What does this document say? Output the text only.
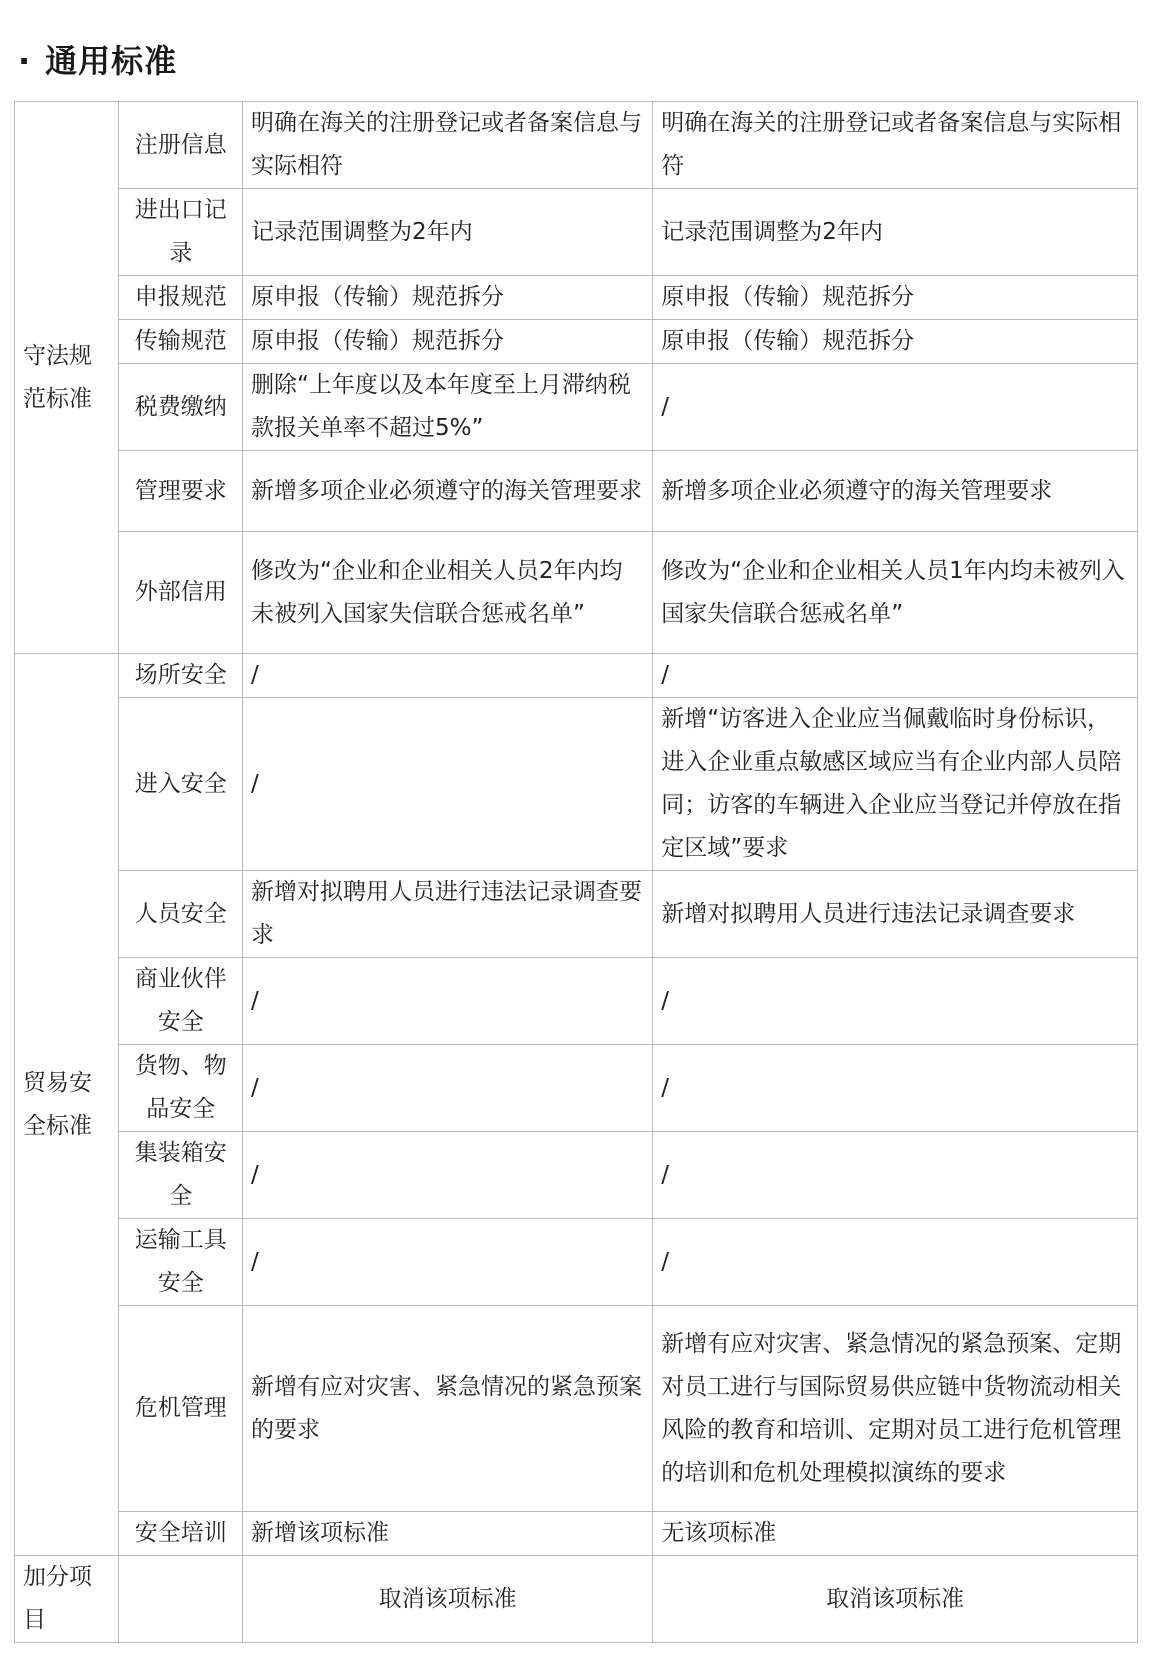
· 通用标准
守法规范标准	注册信息	明确在海关的注册登记或者备案信息与实际相符	明确在海关的注册登记或者备案信息与实际相符
	进出口记录	记录范围调整为2年内	记录范围调整为2年内
	申报规范	原申报（传输）规范拆分	原申报（传输）规范拆分
	传输规范	原申报（传输）规范拆分	原申报（传输）规范拆分
	税费缴纳	删除“上年度以及本年度至上月滞纳税款报关单率不超过5%”	/
	管理要求	新增多项企业必须遵守的海关管理要求	新增多项企业必须遵守的海关管理要求
	外部信用	修改为“企业和企业相关人员2年内均未被列入国家失信联合惩戒名单”	修改为“企业和企业相关人员1年内均未被列入国家失信联合惩戒名单”
贸易安全标准	场所安全	/	/
	进入安全	/	新增“访客进入企业应当佩戴临时身份标识，进入企业重点敏感区域应当有企业内部人员陪同；访客的车辆进入企业应当登记并停放在指定区域”要求
	人员安全	新增对拟聘用人员进行违法记录调查要求	新增对拟聘用人员进行违法记录调查要求
	商业伙伴安全	/	/
	货物、物品安全	/	/
	集装箱安全	/	/
	运输工具安全	/	/
	危机管理	新增有应对灾害、紧急情况的紧急预案的要求	新增有应对灾害、紧急情况的紧急预案、定期对员工进行与国际贸易供应链中货物流动相关风险的教育和培训、定期对员工进行危机管理的培训和危机处理模拟演练的要求
	安全培训	新增该项标准	无该项标准
加分项目		取消该项标准	取消该项标准
